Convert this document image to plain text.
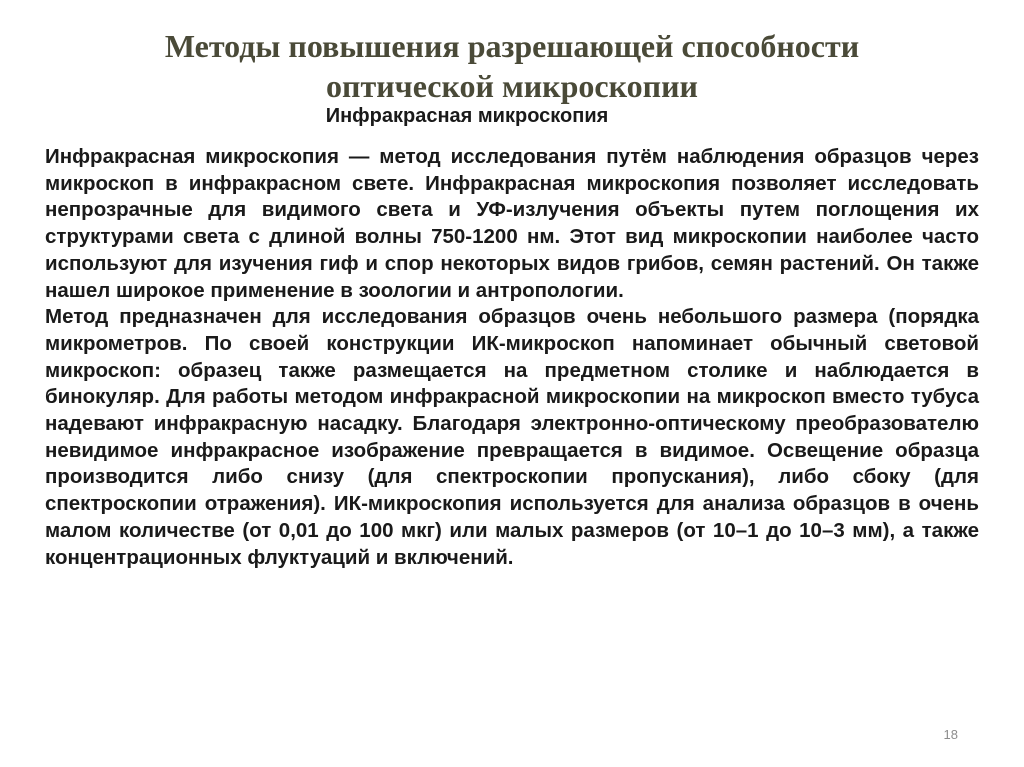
Методы повышения разрешающей способности
оптической микроскопии
Инфракрасная микроскопия

Инфракрасная микроскопия — метод исследования путём наблюдения образцов через микроскоп в инфракрасном свете. Инфракрасная микроскопия позволяет исследовать непрозрачные для видимого света и УФ-излучения объекты путем поглощения их структурами света с длиной волны 750-1200 нм. Этот вид микроскопии наиболее часто используют для изучения гиф и спор некоторых видов грибов, семян растений. Он также нашел широкое применение в зоологии и антропологии.

Метод предназначен для исследования образцов очень небольшого размера (порядка микрометров. По своей конструкции ИК-микроскоп напоминает обычный световой микроскоп: образец также размещается на предметном столике и наблюдается в бинокуляр. Для работы методом инфракрасной микроскопии на микроскоп вместо тубуса надевают инфракрасную насадку. Благодаря электронно-оптическому преобразователю невидимое инфракрасное изображение превращается в видимое. Освещение образца производится либо снизу (для спектроскопии пропускания), либо сбоку (для спектроскопии отражения). ИК-микроскопия используется для анализа образцов в очень малом количестве (от 0,01 до 100 мкг) или малых размеров (от 10–1 до 10–3 мм), а также концентрационных флуктуаций и включений.

18
